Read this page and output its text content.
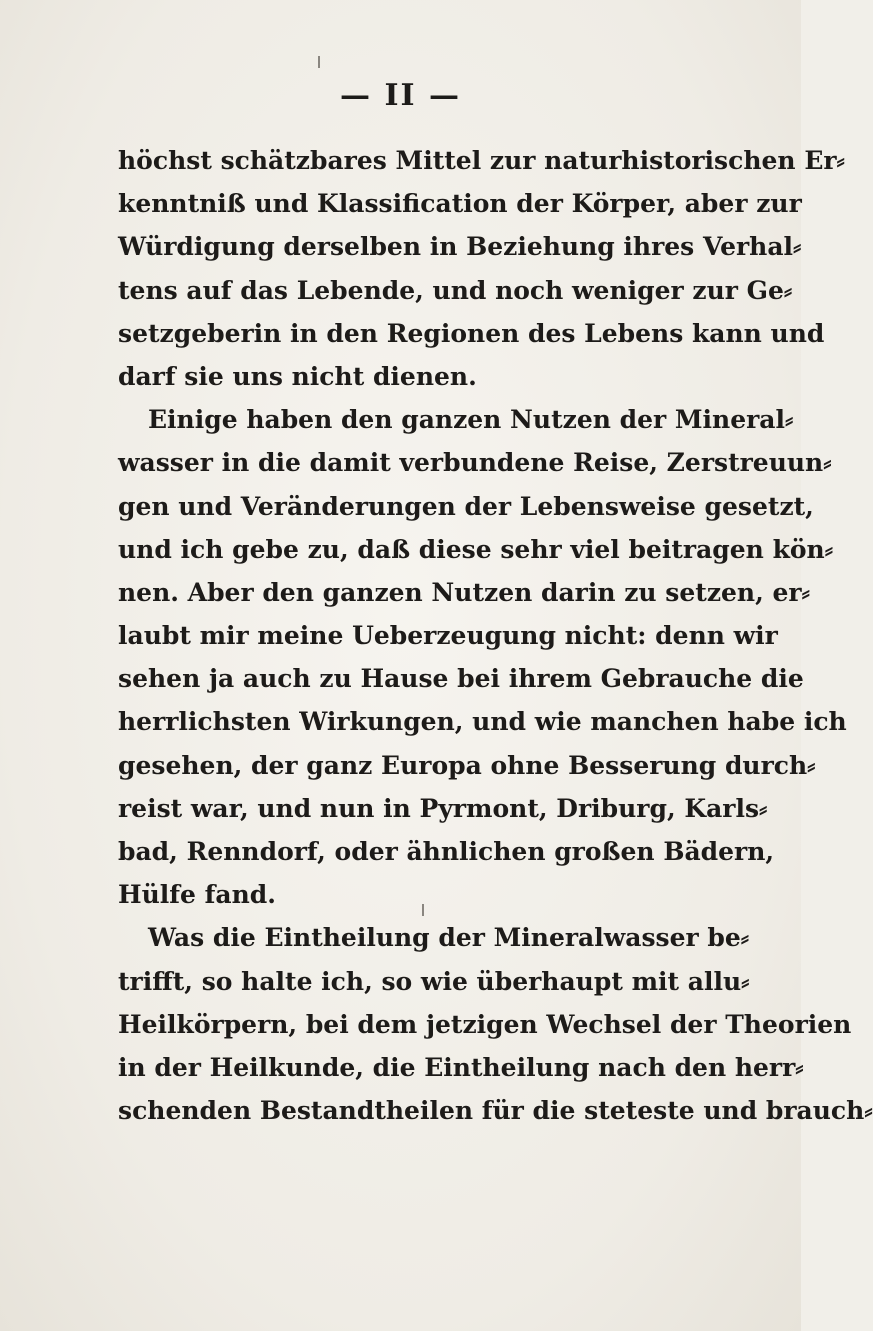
— II —
höchst schätzbares Mittel zur naturhistorischen Er⸗
kenntniß und Klassification der Körper, aber zur
Würdigung derselben in Beziehung ihres Verhal⸗
tens auf das Lebende, und noch weniger zur Ge⸗
setzgeberin in den Regionen des Lebens kann und
darf sie uns nicht dienen.
Einige haben den ganzen Nutzen der Mineral⸗
wasser in die damit verbundene Reise, Zerstreuun⸗
gen und Veränderungen der Lebensweise gesetzt,
und ich gebe zu, daß diese sehr viel beitragen kön⸗
nen. Aber den ganzen Nutzen darin zu setzen, er⸗
laubt mir meine Ueberzeugung nicht: denn wir
sehen ja auch zu Hause bei ihrem Gebrauche die
herrlichsten Wirkungen, und wie manchen habe ich
gesehen, der ganz Europa ohne Besserung durch⸗
reist war, und nun in Pyrmont, Driburg, Karls⸗
bad, Renndorf, oder ähnlichen großen Bädern,
Hülfe fand.
Was die Eintheilung der Mineralwasser be⸗
trifft, so halte ich, so wie überhaupt mit allu⸗
Heilkörpern, bei dem jetzigen Wechsel der Theorien
in der Heilkunde, die Eintheilung nach den herr⸗
schenden Bestandtheilen für die steteste und brauch⸗
